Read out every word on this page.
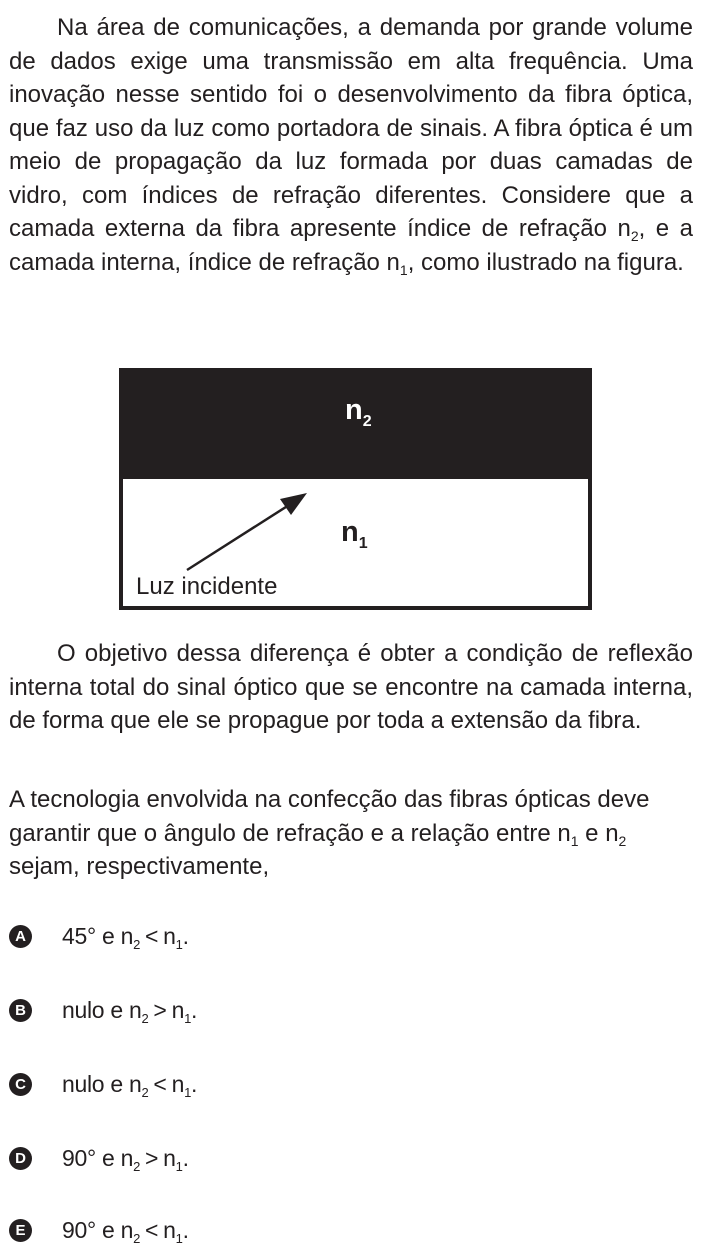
Na área de comunicações, a demanda por grande volume de dados exige uma transmissão em alta frequência. Uma inovação nesse sentido foi o desenvolvimento da fibra óptica, que faz uso da luz como portadora de sinais. A fibra óptica é um meio de propagação da luz formada por duas camadas de vidro, com índices de refração diferentes. Considere que a camada externa da fibra apresente índice de refração $n_2$, e a camada interna, índice de refração $n_1$, como ilustrado na figura.

$n_2$
$n_1$
Luz incidente

O objetivo dessa diferença é obter a condição de reflexão interna total do sinal óptico que se encontre na camada interna, de forma que ele se propague por toda a extensão da fibra.

A tecnologia envolvida na confecção das fibras ópticas deve garantir que o ângulo de refração e a relação entre $n_1$ e $n_2$ sejam, respectivamente,

A 45° e $n_2 < n_1$.
B nulo e $n_2 > n_1$.
C nulo e $n_2 < n_1$.
D 90° e $n_2 > n_1$.
E 90° e $n_2 < n_1$.
